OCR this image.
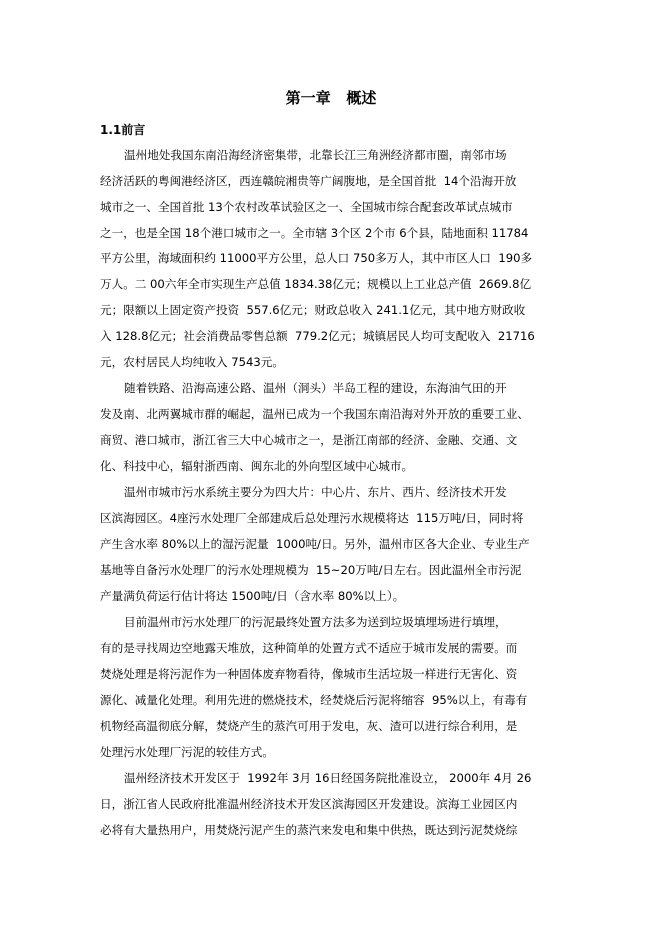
第一章   概述
1.1前言
温州地处我国东南沿海经济密集带，北靠长江三角洲经济都市圈，南邻市场
经济活跃的粤闽港经济区，西连赣皖湘贵等广阔腹地，是全国首批  14个沿海开放
城市之一、全国首批 13个农村改革试验区之一、全国城市综合配套改革试点城市
之一，也是全国 18个港口城市之一。全市辖 3个区 2个市 6个县，陆地面积 11784
平方公里，海域面积约 11000平方公里，总人口 750多万人，其中市区人口  190多
万人。二 00六年全市实现生产总值 1834.38亿元；规模以上工业总产值  2669.8亿
元；限额以上固定资产投资  557.6亿元；财政总收入 241.1亿元，其中地方财政收
入 128.8亿元；社会消费品零售总额  779.2亿元；城镇居民人均可支配收入  21716
元，农村居民人均纯收入 7543元。
随着铁路、沿海高速公路、温州（洞头）半岛工程的建设，东海油气田的开
发及南、北两翼城市群的崛起，温州已成为一个我国东南沿海对外开放的重要工业、
商贸、港口城市，浙江省三大中心城市之一，是浙江南部的经济、金融、交通、文
化、科技中心，辐射浙西南、闽东北的外向型区域中心城市。
温州市城市污水系统主要分为四大片：中心片、东片、西片、经济技术开发
区滨海园区。4座污水处理厂全部建成后总处理污水规模将达  115万吨/日，同时将
产生含水率 80%以上的湿污泥量  1000吨/日。另外，温州市区各大企业、专业生产
基地等自备污水处理厂的污水处理规模为  15~20万吨/日左右。因此温州全市污泥
产量满负荷运行估计将达 1500吨/日（含水率 80%以上）。
目前温州市污水处理厂的污泥最终处置方法多为送到垃圾填埋场进行填埋，
有的是寻找周边空地露天堆放，这种简单的处置方式不适应于城市发展的需要。而
焚烧处理是将污泥作为一种固体废弃物看待，像城市生活垃圾一样进行无害化、资
源化、减量化处理。利用先进的燃烧技术，经焚烧后污泥将缩容  95%以上，有毒有
机物经高温彻底分解，焚烧产生的蒸汽可用于发电，灰、渣可以进行综合利用，是
处理污水处理厂污泥的较佳方式。
温州经济技术开发区于  1992年 3月 16日经国务院批准设立， 2000年 4月 26
日，浙江省人民政府批准温州经济技术开发区滨海园区开发建设。滨海工业园区内
必将有大量热用户，用焚烧污泥产生的蒸汽来发电和集中供热，既达到污泥焚烧综
